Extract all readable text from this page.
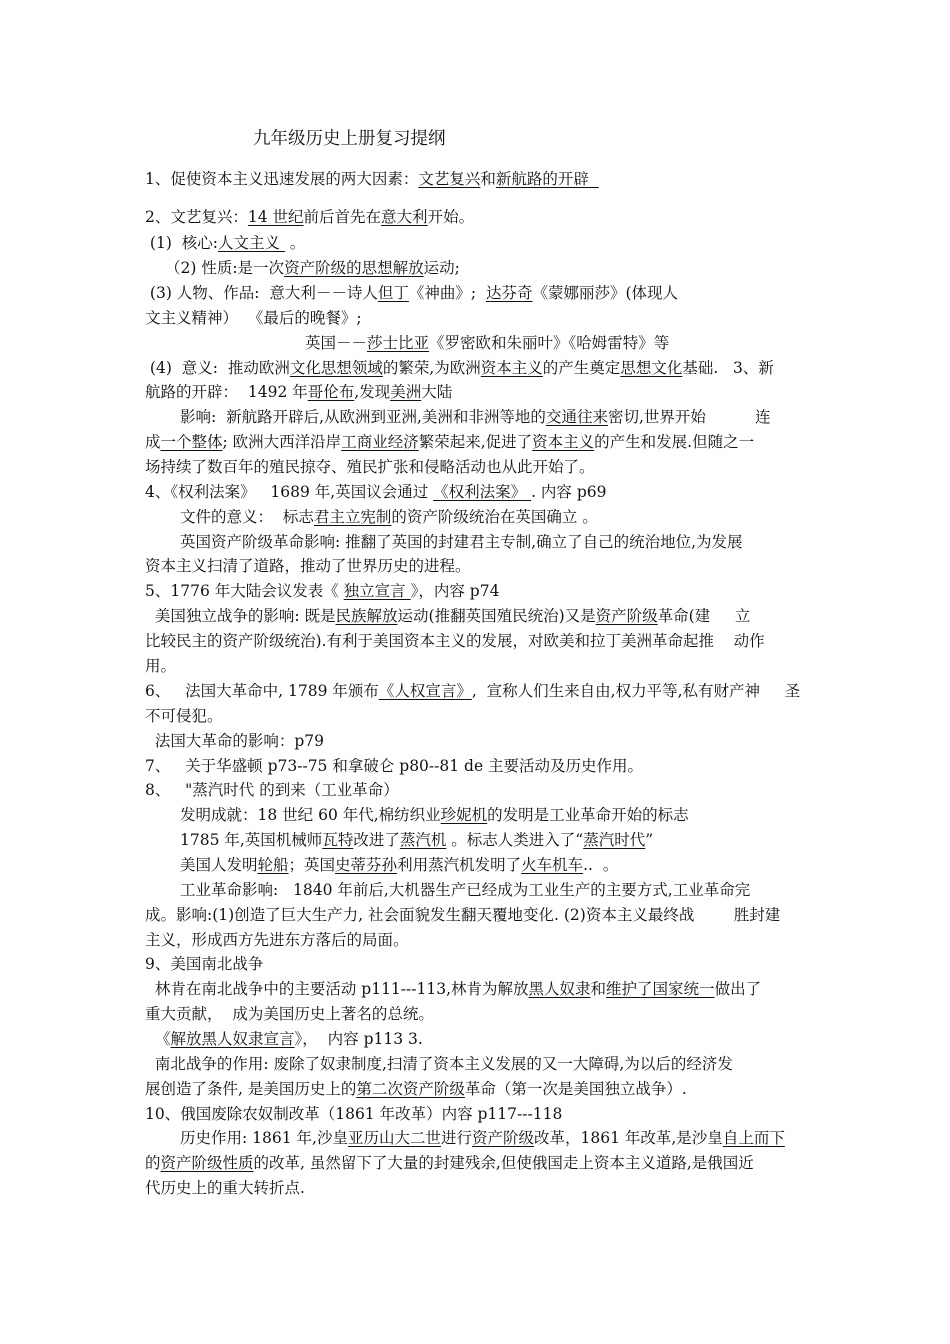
九年级历史上册复习提纲
1、促使资本主义迅速发展的两大因素：文艺复兴和新航路的开辟
2、文艺复兴：14 世纪前后首先在意大利开始。
(1)  核心:人文主义  。
（2) 性质:是一次资产阶级的思想解放运动;
(3) 人物、作品:  意大利－－诗人但丁《神曲》;  达芬奇《蒙娜丽莎》(体现人
文主义精神）  《最后的晚餐》;
英国－－莎士比亚《罗密欧和朱丽叶》《哈姆雷特》等
(4)  意义:  推动欧洲文化思想领域的繁荣,为欧洲资本主义的产生奠定思想文化基础.   3、新
航路的开辟：  1492 年哥伦布,发现美洲大陆
影响:  新航路开辟后,从欧洲到亚洲,美洲和非洲等地的交通往来密切,世界开始          连
成一个整体; 欧洲大西洋沿岸工商业经济繁荣起来,促进了资本主义的产生和发展.但随之一
场持续了数百年的殖民掠夺、殖民扩张和侵略活动也从此开始了。
4、《权利法案》   1689 年,英国议会通过 《权利法案》 . 内容 p69
文件的意义：  标志君主立宪制的资产阶级统治在英国确立 。
英国资产阶级革命影响: 推翻了英国的封建君主专制,确立了自己的统治地位,为发展
资本主义扫清了道路，推动了世界历史的进程。
5、1776 年大陆会议发表《 独立宣言 》，内容 p74
美国独立战争的影响: 既是民族解放运动(推翻英国殖民统治)又是资产阶级革命(建     立
比较民主的资产阶级统治).有利于美国资本主义的发展，对欧美和拉丁美洲革命起推    动作
用。
6、   法国大革命中, 1789 年颁布《人权宣言》,  宣称人们生来自由,权力平等,私有财产神     圣
不可侵犯。
法国大革命的影响：p79
7、   关于华盛顿 p73--75 和拿破仑 p80--81 de 主要活动及历史作用。
8、   "蒸汽时代 的到来（工业革命）
发明成就：18 世纪 60 年代,棉纺织业珍妮机的发明是工业革命开始的标志
1785 年,英国机械师瓦特改进了蒸汽机 。标志人类进入了“蒸汽时代”
美国人发明轮船；英国史蒂芬孙利用蒸汽机发明了火车机车..  。
工业革命影响:   1840 年前后,大机器生产已经成为工业生产的主要方式,工业革命完
成。影响:(1)创造了巨大生产力, 社会面貌发生翻天覆地变化. (2)资本主义最终战        胜封建
主义，形成西方先进东方落后的局面。
9、美国南北战争
林肯在南北战争中的主要活动 p111---113,林肯为解放黑人奴隶和维护了国家统一做出了
重大贡献，  成为美国历史上著名的总统。
《解放黑人奴隶宣言》，  内容 p113 3.
南北战争的作用: 废除了奴隶制度,扫清了资本主义发展的又一大障碍,为以后的经济发
展创造了条件, 是美国历史上的第二次资产阶级革命（第一次是美国独立战争）.
10、俄国废除农奴制改革（1861 年改革）内容 p117---118
历史作用: 1861 年,沙皇亚历山大二世进行资产阶级改革，1861 年改革,是沙皇自上而下
的资产阶级性质的改革, 虽然留下了大量的封建残余,但使俄国走上资本主义道路,是俄国近
代历史上的重大转折点.
